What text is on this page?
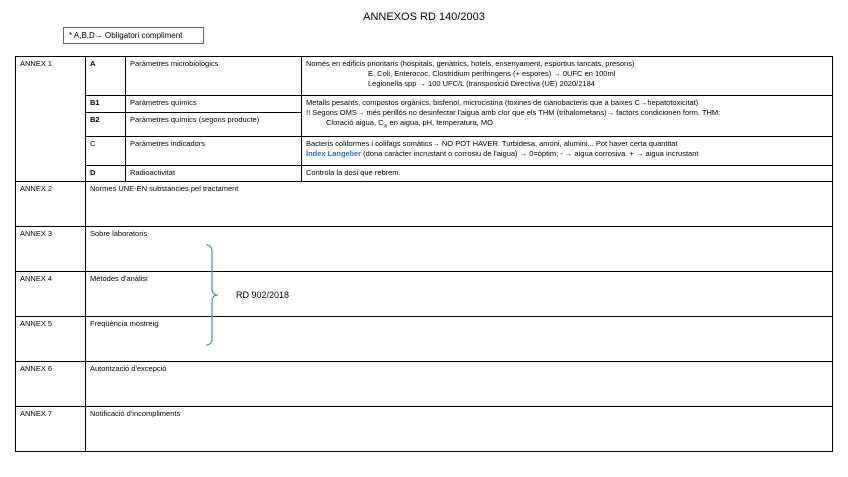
ANNEXOS RD 140/2003
* A,B,D→ Obligatori compliment
ANNEX 1	A	Paràmetres microbiològics	Només en edificis prioritaris (hospitals, geriàtrics, hotels, ensenyament, esportius tancats, presons)
E. Coli, Enterococ, Clostridium perifringens (+ espores) → 0UFC en 100ml
Legionella spp → 100 UFC/L (transposició Directiva (UE) 2020/2184

	B1	Paràmetres químics	Metalls pesants, compostos orgànics, bisfenol, microcistina (toxines de cianobacteris que a baixes C→hepatotoxicitat)
!! Segons OMS→ més perillós no desinfectar l'aigua amb clor que els THM (trihalometans)→ factors condicionen form. THM:
Cloració aigua, $C_{in}$ en aigua, pH, temperatura, MO

	B2	Paràmetres químics (segons producte)	
	C	Paràmetres indicadors	Bacteris coliformes i colifags somàtics→ NO POT HAVER. Turbidesa, amoni, alumini... Pot haver certa quantitat
Índex Langelier (dona caràcter incrustant o corrosiu de l'aigua) → 0=òptim; - → aigua corrosiva. + → aigua incrustant

	D	Radioactivitat	Controla la dosi que rebrem.
ANNEX 2	Normes UNE-EN substancies pel tractament		
ANNEX 3	Sobre laboratoris		
ANNEX 4	Mètodes d'anàlisi		
ANNEX 5	Freqüència mostreig		
ANNEX 6	Autorització d'excepció		
ANNEX 7	Notificació d'incompliments		
RD 902/2018
